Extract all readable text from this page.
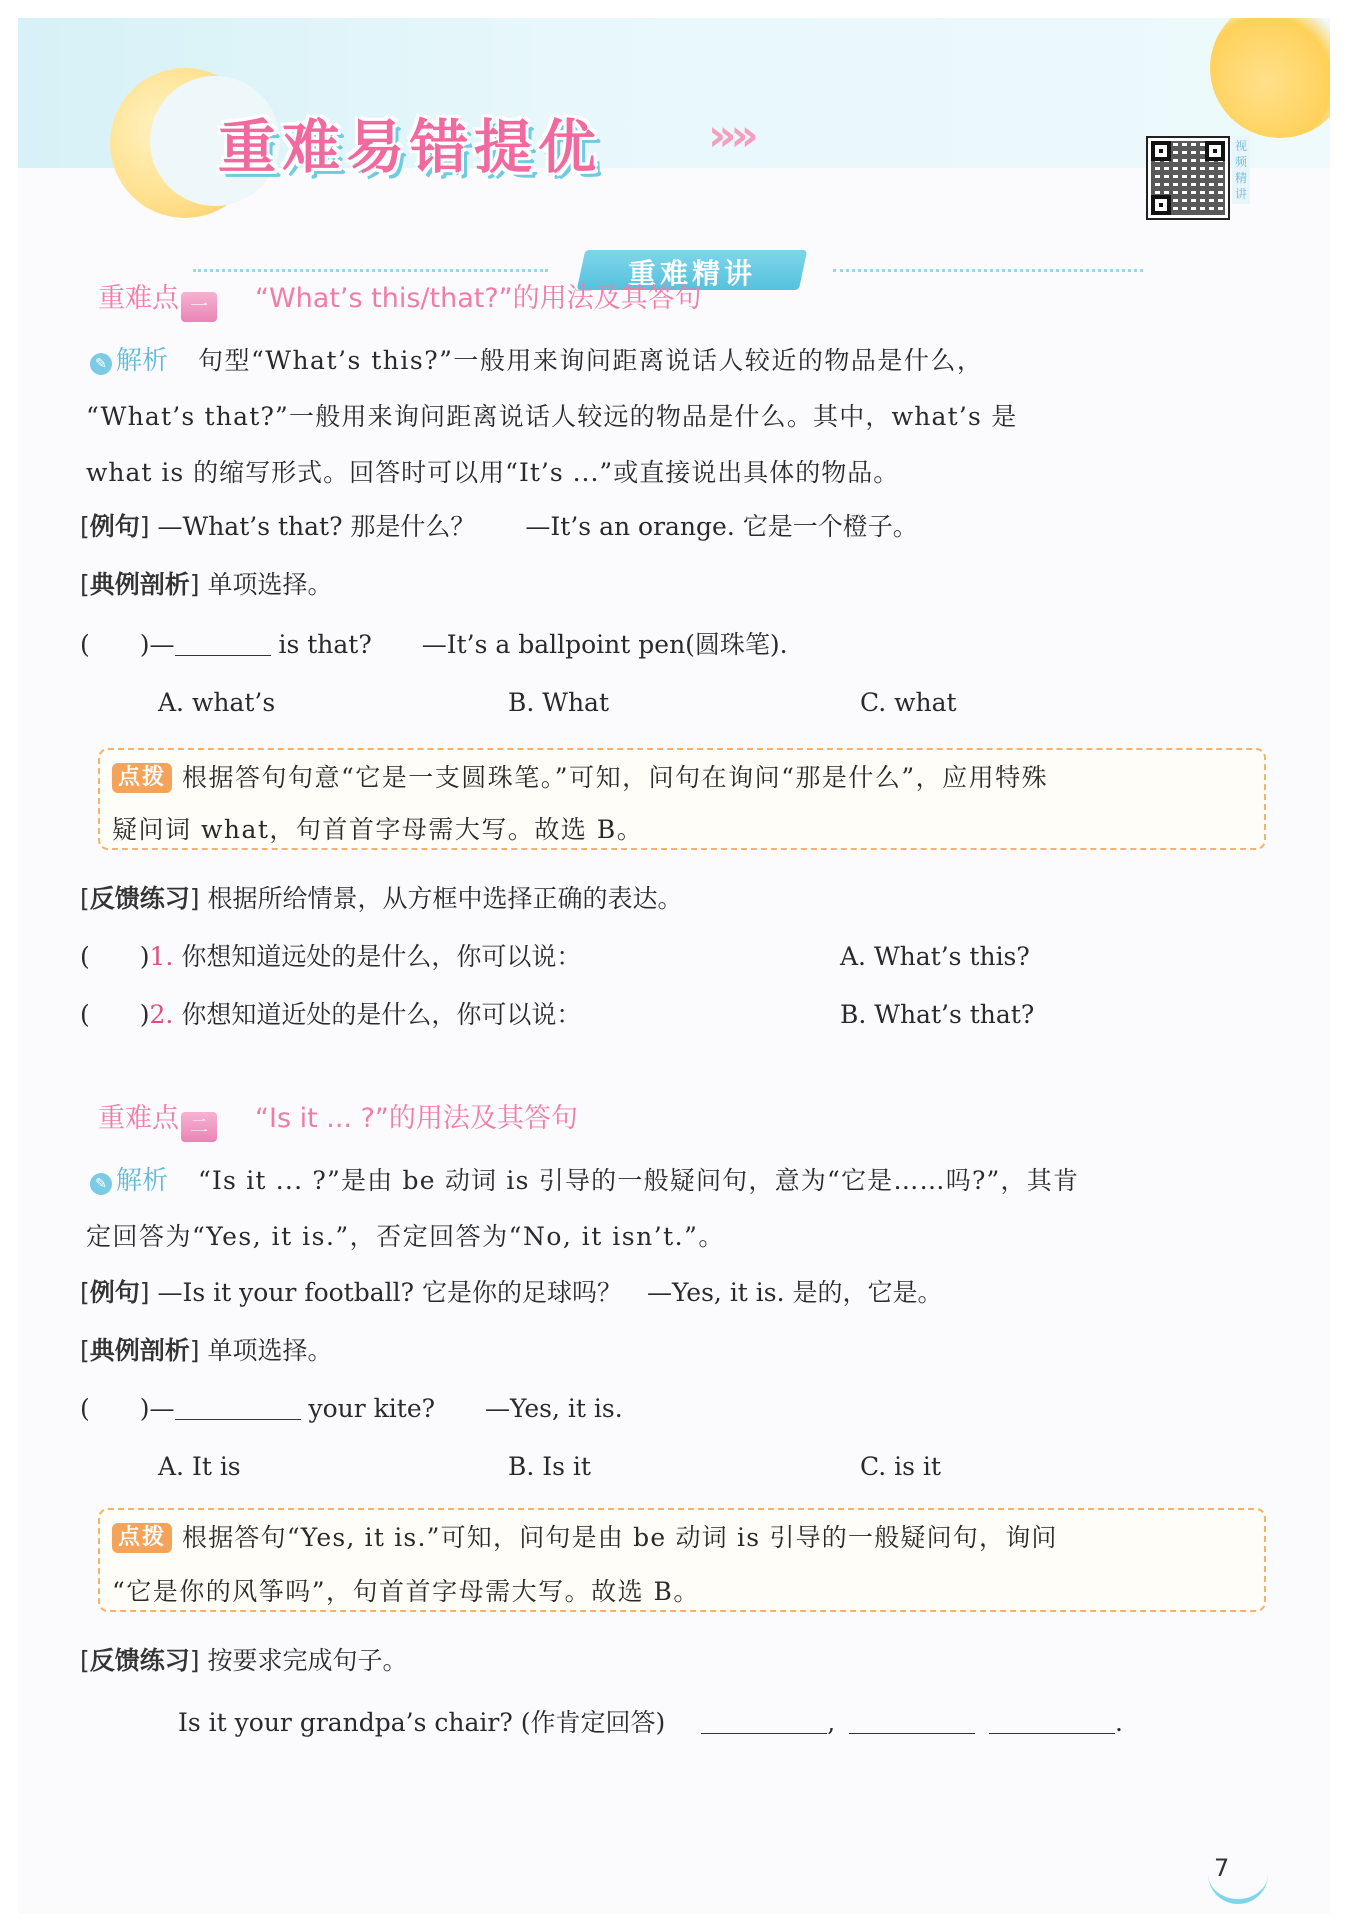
重难易错提优 »»	视频精讲
重难精讲
重难点 一 “What’s this/that?”的用法及其答句
✎ 解析 句型“What’s this?”一般用来询问距离说话人较近的物品是什么，
“What’s that?”一般用来询问距离说话人较远的物品是什么。其中，what’s 是
what is 的缩写形式。回答时可以用“It’s ...”或直接说出具体的物品。
[例句] —What’s that? 那是什么？　　—It’s an orange. 它是一个橙子。
[典例剖析] 单项选择。
(　　)—	is that?　　—It’s a ballpoint pen(圆珠笔).
A. what’s	B. What	C. what
点拨 根据答句句意“它是一支圆珠笔。”可知，问句在询问“那是什么”，应用特殊
疑问词 what，句首首字母需大写。故选 B。
[反馈练习] 根据所给情景，从方框中选择正确的表达。
(　　)1. 你想知道远处的是什么，你可以说：	A. What’s this?
(　　)2. 你想知道近处的是什么，你可以说：	B. What’s that?
重难点 二 “Is it ... ?”的用法及其答句
✎ 解析 “Is it ... ?”是由 be 动词 is 引导的一般疑问句，意为“它是……吗?”，其肯
定回答为“Yes, it is.”，否定回答为“No, it isn’t.”。
[例句] —Is it your football? 它是你的足球吗？　—Yes, it is. 是的，它是。
[典例剖析] 单项选择。
(　　)—	your kite?　　—Yes, it is.
A. It is	B. Is it	C. is it
点拨 根据答句“Yes, it is.”可知，问句是由 be 动词 is 引导的一般疑问句，询问
“它是你的风筝吗”，句首首字母需大写。故选 B。
[反馈练习] 按要求完成句子。
Is it your grandpa’s chair? (作肯定回答)	,	.
7
